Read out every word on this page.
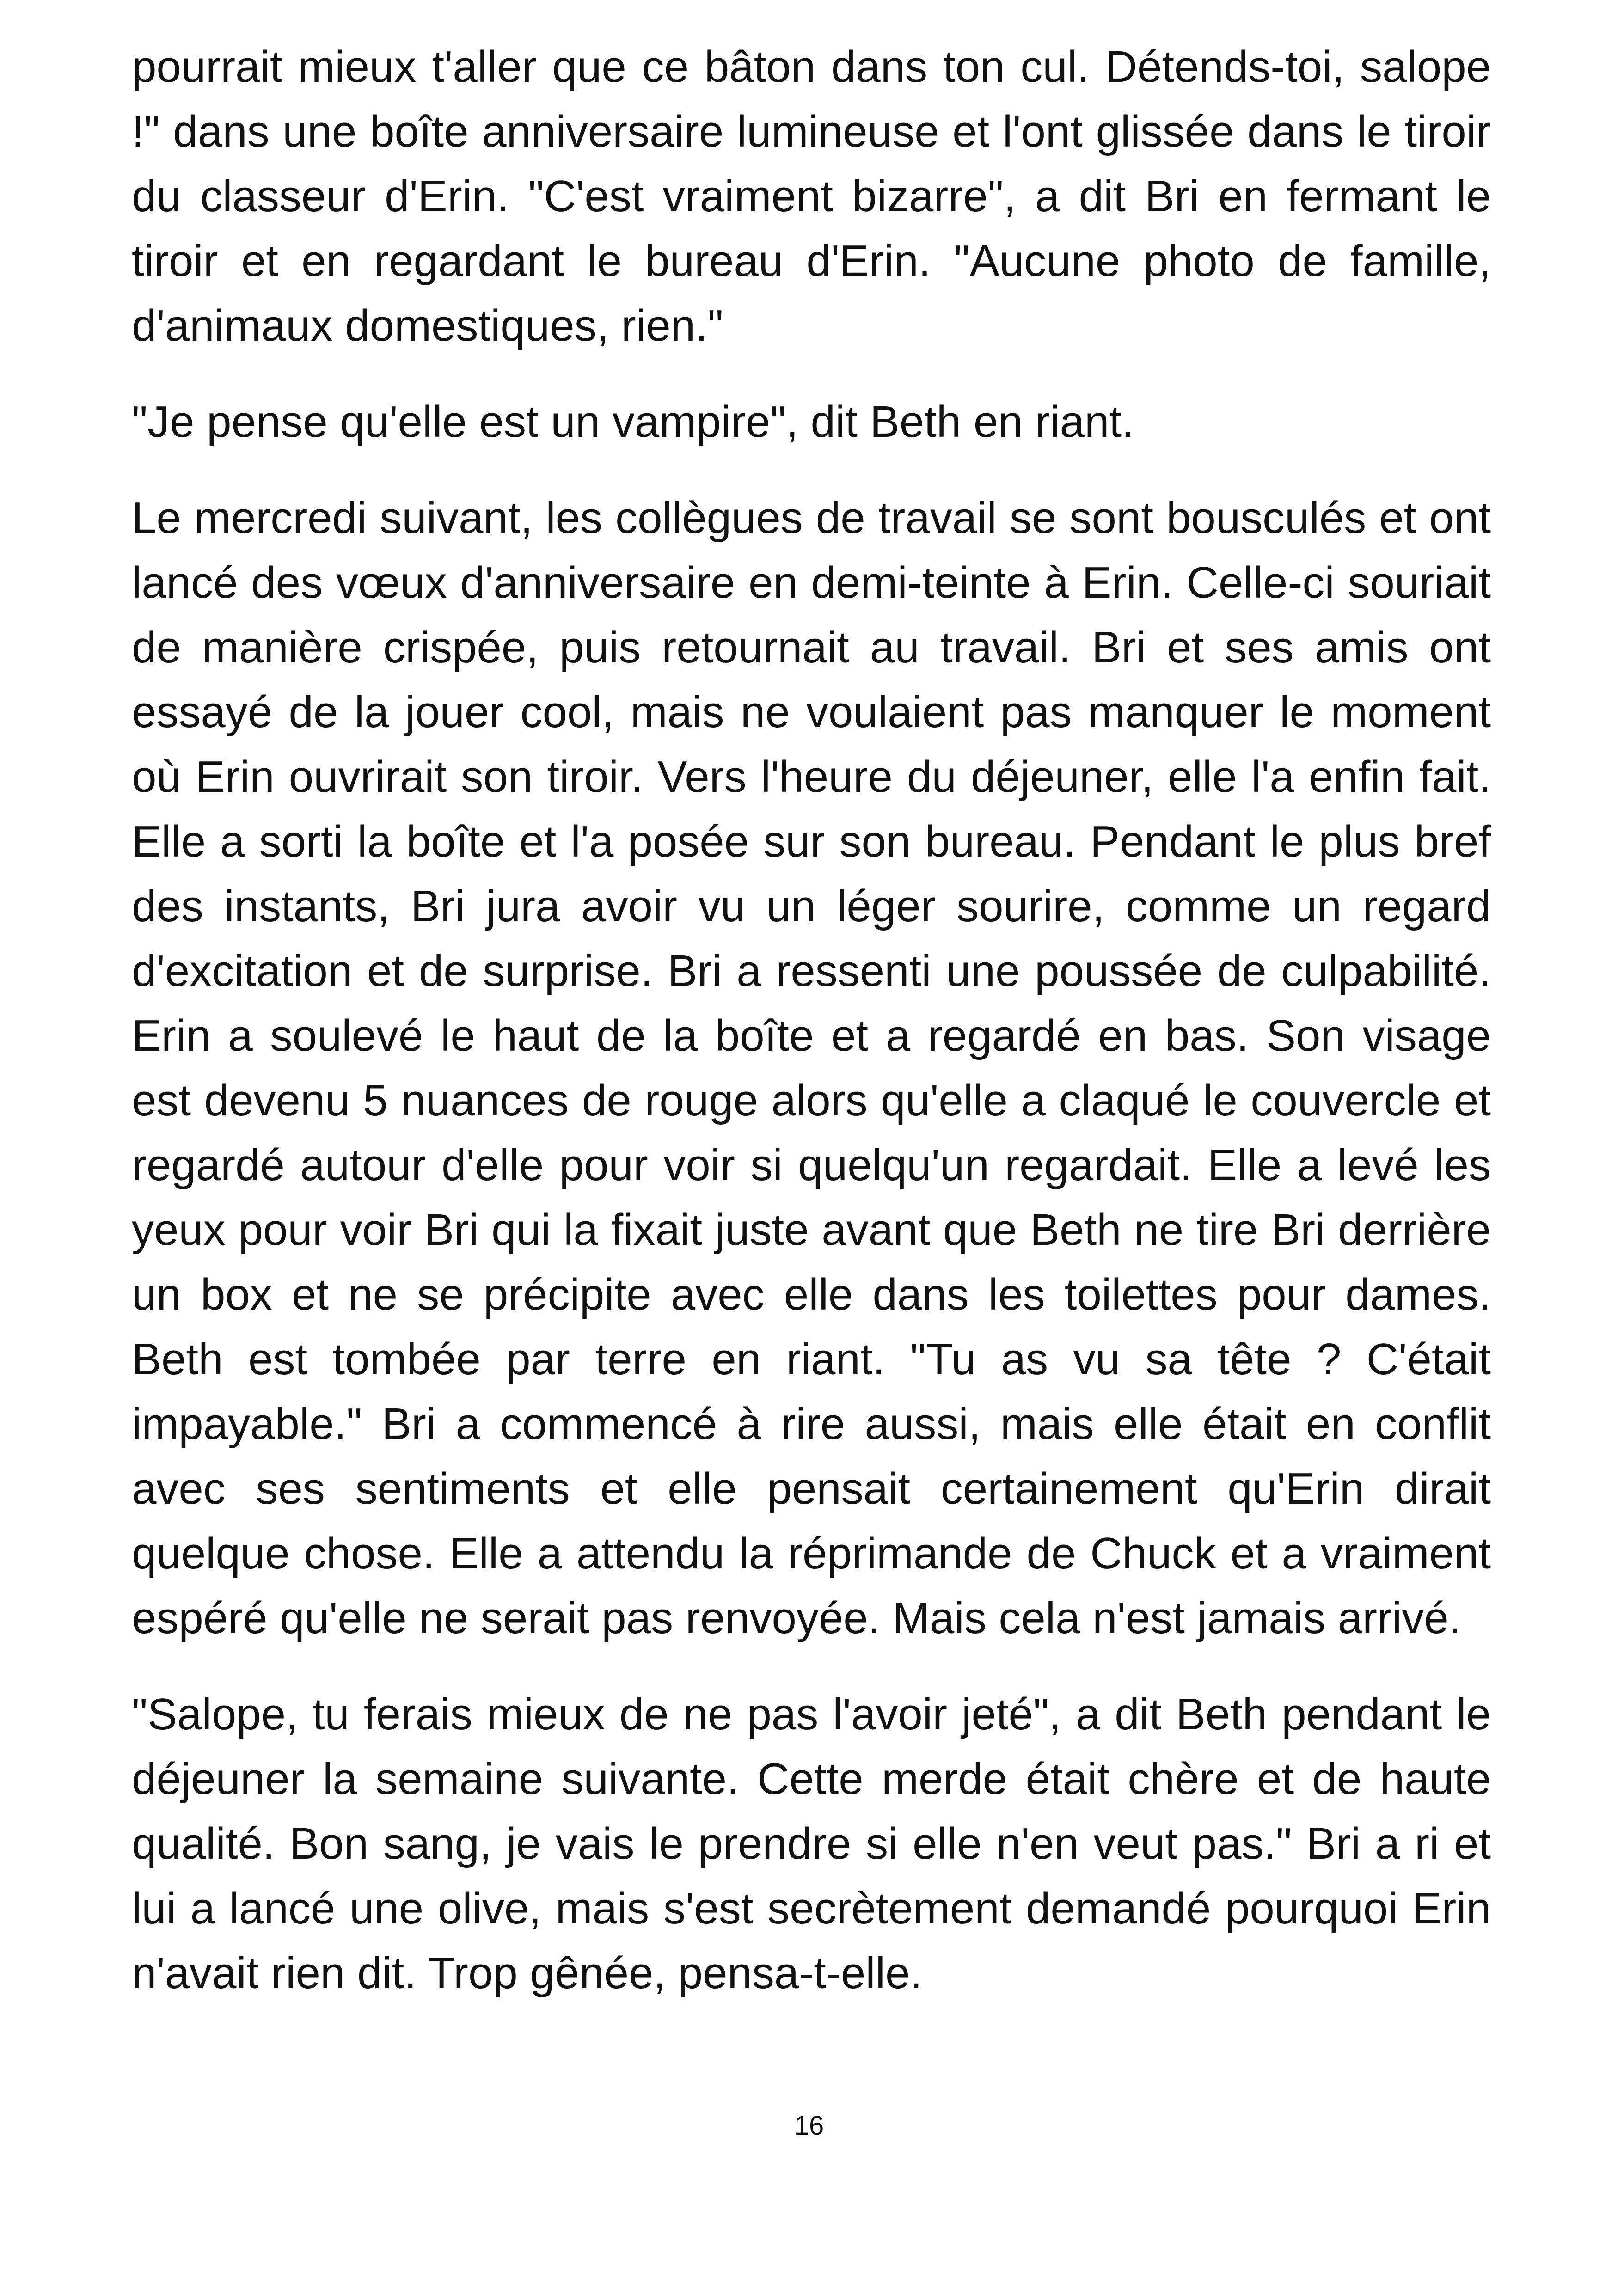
pourrait mieux t'aller que ce bâton dans ton cul. Détends-toi, salope !" dans une boîte anniversaire lumineuse et l'ont glissée dans le tiroir du classeur d'Erin. "C'est vraiment bizarre", a dit Bri en fermant le tiroir et en regardant le bureau d'Erin. "Aucune photo de famille, d'animaux domestiques, rien."

"Je pense qu'elle est un vampire", dit Beth en riant.

Le mercredi suivant, les collègues de travail se sont bousculés et ont lancé des vœux d'anniversaire en demi-teinte à Erin. Celle-ci souriait de manière crispée, puis retournait au travail. Bri et ses amis ont essayé de la jouer cool, mais ne voulaient pas manquer le moment où Erin ouvrirait son tiroir. Vers l'heure du déjeuner, elle l'a enfin fait. Elle a sorti la boîte et l'a posée sur son bureau. Pendant le plus bref des instants, Bri jura avoir vu un léger sourire, comme un regard d'excitation et de surprise. Bri a ressenti une poussée de culpabilité. Erin a soulevé le haut de la boîte et a regardé en bas. Son visage est devenu 5 nuances de rouge alors qu'elle a claqué le couvercle et regardé autour d'elle pour voir si quelqu'un regardait. Elle a levé les yeux pour voir Bri qui la fixait juste avant que Beth ne tire Bri derrière un box et ne se précipite avec elle dans les toilettes pour dames. Beth est tombée par terre en riant. "Tu as vu sa tête ? C'était impayable." Bri a commencé à rire aussi, mais elle était en conflit avec ses sentiments et elle pensait certainement qu'Erin dirait quelque chose. Elle a attendu la réprimande de Chuck et a vraiment espéré qu'elle ne serait pas renvoyée. Mais cela n'est jamais arrivé.

"Salope, tu ferais mieux de ne pas l'avoir jeté", a dit Beth pendant le déjeuner la semaine suivante. Cette merde était chère et de haute qualité. Bon sang, je vais le prendre si elle n'en veut pas." Bri a ri et lui a lancé une olive, mais s'est secrètement demandé pourquoi Erin n'avait rien dit. Trop gênée, pensa-t-elle.

16
